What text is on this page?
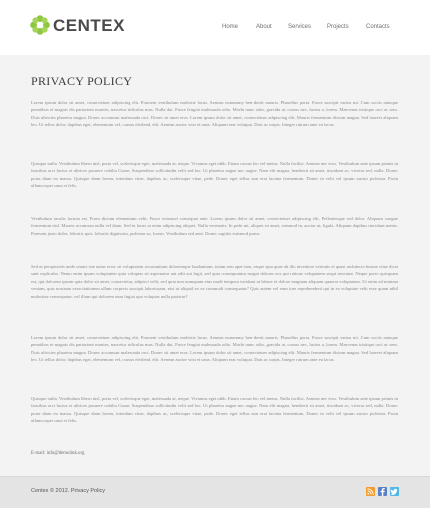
CENTEX	Home	About	Services	Projects	Contacts
PRIVACY POLICY

Lorem ipsum dolor sit amet, consectetuer adipiscing elit. Praesent vestibulum molestie lacus. Aenean nonummy hen-drerit mauris. Phasellus porta. Fusce suscipit varius mi. Cum sociis natoque penatibus et magnis dis parturient montes, nascetur ridiculus mus. Nulla dui. Fusce feugiat malesuada odio. Morbi nunc odio, gravida at, cursus nec, luctus a, lorem. Maecenas tristique orci ac sem. Duis ultricies pharetra magna. Donec accumsan malesuada orci. Donec sit amet eros. Lorem ipsum dolor sit amet, consectetuer adipiscing elit. Mauris fermentum dictum magna. Sed laoreet aliquam leo. Ut tellus dolor, dapibus eget, elementum vel, cursus eleifend, elit. Aenean auctor wisi et urna. Aliquam erat volutpat. Duis ac turpis. Integer rutrum ante eu lacus.

Quisque nulla. Vestibulum libero nisl, porta vel, scelerisque eget, malesuada at, neque. Vivamus eget nibh. Etiam cursus leo vel metus. Nulla facilisi. Aenean nec eros. Vestibulum ante ipsum primis in faucibus orci luctus et ultrices posuere cubilia Curae; Suspendisse sollicitudin velit sed leo. Ut pharetra augue nec augue. Nam elit magna, hendrerit sit amet, tincidunt ac, viverra sed, nulla. Donec porta diam eu massa. Quisque diam lorem, interdum vitae, dapibus ac, scelerisque vitae, pede. Donec eget tellus non erat lacinia fermentum. Donec in velit vel ipsum auctor pulvinar. Proin ullamcorper urna et felis.

Vestibulum iaculis lacinia est. Proin dictum elementum velit. Fusce euismod consequat ante. Lorem ipsum dolor sit amet, consectetuer adipiscing elit. Pellentesque sed dolor. Aliquam congue fermentum nisl. Mauris accumsan nulla vel diam. Sed in lacus ut enim adipiscing aliquet. Nulla venenatis. In pede mi, aliquet sit amet, euismod in, auctor ut, ligula. Aliquam dapibus tincidunt metus. Praesent justo dolor, lobortis quis, lobortis dignissim, pulvinar ac, lorem. Vestibulum sed ante. Donec sagittis euismod purus.

Sed ut perspiciatis unde omnis iste natus error sit voluptatem accusantium doloremque laudantium, totam rem aper-iam, eaque ipsa quae ab illo inventore veritatis et quasi architecto beatae vitae dicta sunt explicabo. Nemo enim ipsam voluptatem quia voluptas sit aspernatur aut odit aut fugit, sed quia consequuntur magni dolores eos qui ratione voluptatem sequi nesciunt. Neque porro quisquam est, qui dolorem ipsum quia dolor sit amet, consectetur, adipisci velit, sed quia non numquam eius modi tempora incidunt ut labore et dolore magnam aliquam quaerat voluptatem. Ut enim ad minima veniam, quis nostrum exercitationem ullam corporis suscipit laboriosam, nisi ut aliquid ex ea commodi consequatur? Quis autem vel eum iure reprehenderit qui in ea voluptate velit esse quam nihil molestiae consequatur, vel illum qui dolorem eum fugiat quo voluptas nulla pariatur?

Lorem ipsum dolor sit amet, consectetuer adipiscing elit. Praesent vestibulum molestie lacus. Aenean nonummy hen-drerit mauris. Phasellus porta. Fusce suscipit varius mi. Cum sociis natoque penatibus et magnis dis parturient montes, nascetur ridiculus mus. Nulla dui. Fusce feugiat malesuada odio. Morbi nunc odio, gravida at, cursus nec, luctus a, lorem. Maecenas tristique orci ac sem. Duis ultricies pharetra magna. Donec accumsan malesuada orci. Donec sit amet eros. Lorem ipsum dolor sit amet, consectetuer adipiscing elit. Mauris fermentum dictum magna. Sed laoreet aliquam leo. Ut tellus dolor, dapibus eget, elementum vel, cursus eleifend, elit. Aenean auctor wisi et urna. Aliquam erat volutpat. Duis ac turpis. Integer rutrum ante eu lacus.

Quisque nulla. Vestibulum libero nisl, porta vel, scelerisque eget, malesuada at, neque. Vivamus eget nibh. Etiam cursus leo vel metus. Nulla facilisi. Aenean nec eros. Vestibulum ante ipsum primis in faucibus orci luctus et ultrices posuere cubilia Curae; Suspendisse sollicitudin velit sed leo. Ut pharetra augue nec augue. Nam elit magna, hendrerit sit amet, tincidunt ac, viverra sed, nulla. Donec porta diam eu massa. Quisque diam lorem, interdum vitae, dapibus ac, scelerisque vitae, pede. Donec eget tellus non erat lacinia fermentum. Donec in velit vel ipsum auctor pulvinar. Proin ullamcorper urna et felis.

E-mail: info@demolink.org
Centex © 2012. Privacy Policy
